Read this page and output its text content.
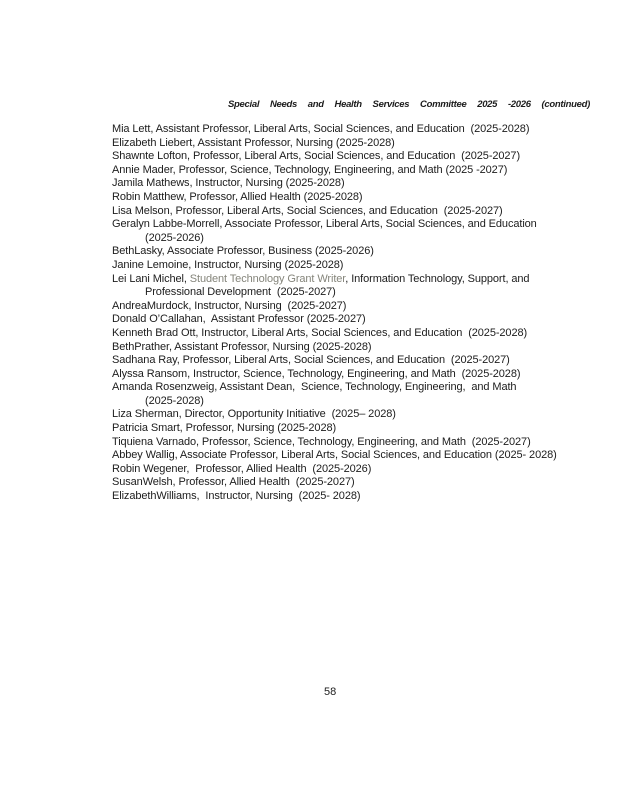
Special Needs and Health Services Committee 2025 -2026 (continued)
Mia Lett, Assistant Professor, Liberal Arts, Social Sciences, and Education  (2025-2028)
Elizabeth Liebert, Assistant Professor, Nursing (2025-2028)
Shawnte Lofton, Professor, Liberal Arts, Social Sciences, and Education  (2025-2027)
Annie Mader, Professor, Science, Technology, Engineering, and Math (2025 -2027)
Jamila Mathews, Instructor, Nursing (2025-2028)
Robin Matthew, Professor, Allied Health (2025-2028)
Lisa Melson, Professor, Liberal Arts, Social Sciences, and Education  (2025-2027)
Geralyn Labbe-Morrell, Associate Professor, Liberal Arts, Social Sciences, and Education
(2025-2026)
BethLasky, Associate Professor, Business (2025-2026)
Janine Lemoine, Instructor, Nursing (2025-2028)
Lei Lani Michel, Student Technology Grant Writer, Information Technology, Support, and
Professional Development  (2025-2027)
AndreaMurdock, Instructor, Nursing  (2025-2027)
Donald O’Callahan,  Assistant Professor (2025-2027)
Kenneth Brad Ott, Instructor, Liberal Arts, Social Sciences, and Education  (2025-2028)
BethPrather, Assistant Professor, Nursing (2025-2028)
Sadhana Ray, Professor, Liberal Arts, Social Sciences, and Education  (2025-2027)
Alyssa Ransom, Instructor, Science, Technology, Engineering, and Math  (2025-2028)
Amanda Rosenzweig, Assistant Dean,  Science, Technology, Engineering,  and Math
(2025-2028)
Liza Sherman, Director, Opportunity Initiative  (2025– 2028)
Patricia Smart, Professor, Nursing (2025-2028)
Tiquiena Varnado, Professor, Science, Technology, Engineering, and Math  (2025-2027)
Abbey Wallig, Associate Professor, Liberal Arts, Social Sciences, and Education (2025- 2028)
Robin Wegener,  Professor, Allied Health  (2025-2026)
SusanWelsh, Professor, Allied Health  (2025-2027)
ElizabethWilliams,  Instructor, Nursing  (2025- 2028)
58
